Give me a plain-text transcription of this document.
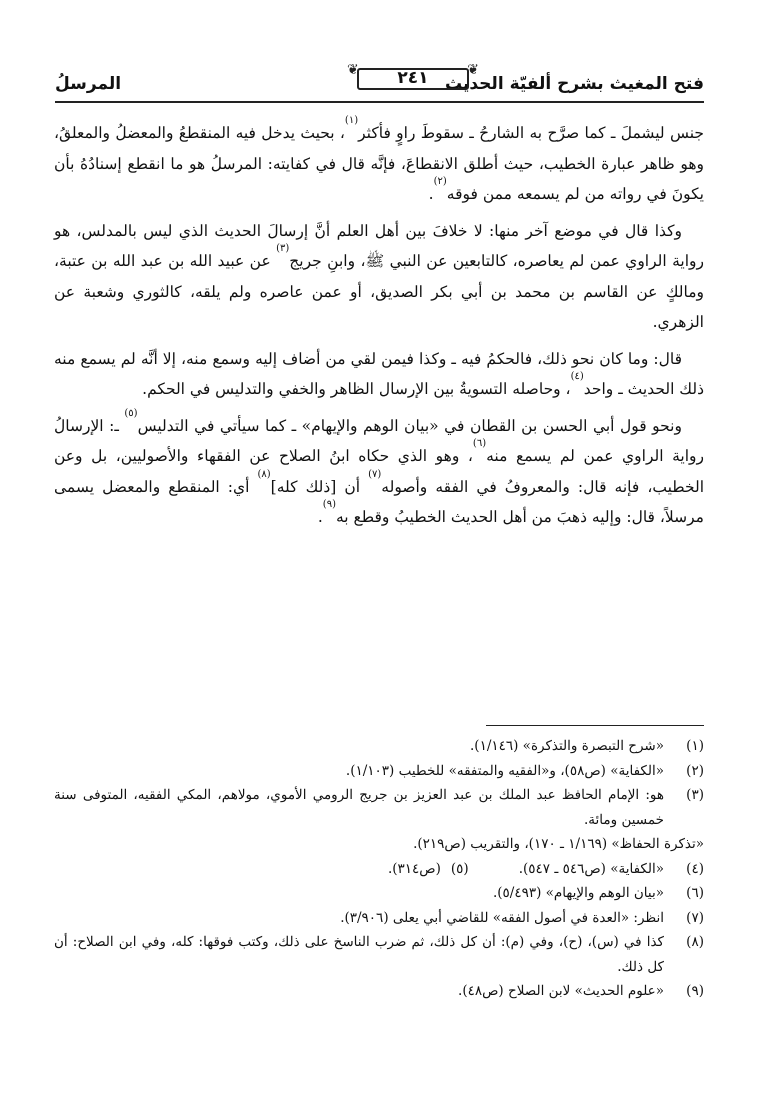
فتح المغيث بشرح ألفيّة الحديث
❦
❦	٢٤١
المرسلُ

جنس ليشملَ ـ كما صرَّح به الشارحُ ـ سقوطَ راوٍ فأكثر$^{(١)}$، بحيث يدخل فيه المنقطعُ والمعضلُ والمعلقُ، وهو ظاهر عبارة الخطيب، حيث أطلق الانقطاعَ، فإنَّه قال في كفايته: المرسلُ هو ما انقطع إسنادُهُ بأن يكونَ في رواته من لم يسمعه ممن فوقه$^{(٢)}$.

وكذا قال في موضع آخر منها: لا خلافَ بين أهل العلم أنَّ إرسالَ الحديث الذي ليس بالمدلس، هو رواية الراوي عمن لم يعاصره، كالتابعين عن النبي ﷺ، وابنِ جريج$^{(٣)}$ عن عبيد الله بن عبد الله بن عتبة، ومالكٍ عن القاسم بن محمد بن أبي بكر الصديق، أو عمن عاصره ولم يلقه، كالثوري وشعبة عن الزهري.

قال: وما كان نحو ذلك، فالحكمُ فيه ـ وكذا فيمن لقي من أضاف إليه وسمع منه، إلا أنَّه لم يسمع منه ذلك الحديث ـ واحد$^{(٤)}$، وحاصله التسويةُ بين الإرسال الظاهر والخفي والتدليس في الحكم.

ونحو قول أبي الحسن بن القطان في «بيان الوهم والإيهام» ـ كما سيأتي في التدليس$^{(٥)}$ ـ: الإرسالُ رواية الراوي عمن لم يسمع منه$^{(٦)}$، وهو الذي حكاه ابنُ الصلاح عن الفقهاء والأصوليين، بل وعن الخطيب، فإنه قال: والمعروفُ في الفقه وأصوله$^{(٧)}$ أن [ذلك كله]$^{(٨)}$ أي: المنقطع والمعضل يسمى مرسلاً، قال: وإليه ذهبَ من أهل الحديث الخطيبُ وقطع به$^{(٩)}$.

(١)
«شرح التبصرة والتذكرة» (١/١٤٦).
(٢)
«الكفاية» (ص٥٨)، و«الفقيه والمتفقه» للخطيب (١/١٠٣).
(٣)
هو: الإمام الحافظ عبد الملك بن عبد العزيز بن جريج الرومي الأموي، مولاهم، المكي الفقيه، المتوفى سنة خمسين ومائة.
«تذكرة الحفاظ» (١/١٦٩ ـ ١٧٠)، والتقريب (ص٢١٩).
(٤)
«الكفاية» (ص٥٤٦ ـ ٥٤٧).
(٥)
(ص٣١٤).
(٦)
«بيان الوهم والإيهام» (٥/٤٩٣).
(٧)
انظر: «العدة في أصول الفقه» للقاضي أبي يعلى (٣/٩٠٦).
(٨)
كذا في (س)، (ح)، وفي (م): أن كل ذلك، ثم ضرب الناسخ على ذلك، وكتب فوقها: كله، وفي ابن الصلاح: أن كل ذلك.
(٩)
«علوم الحديث» لابن الصلاح (ص٤٨).
